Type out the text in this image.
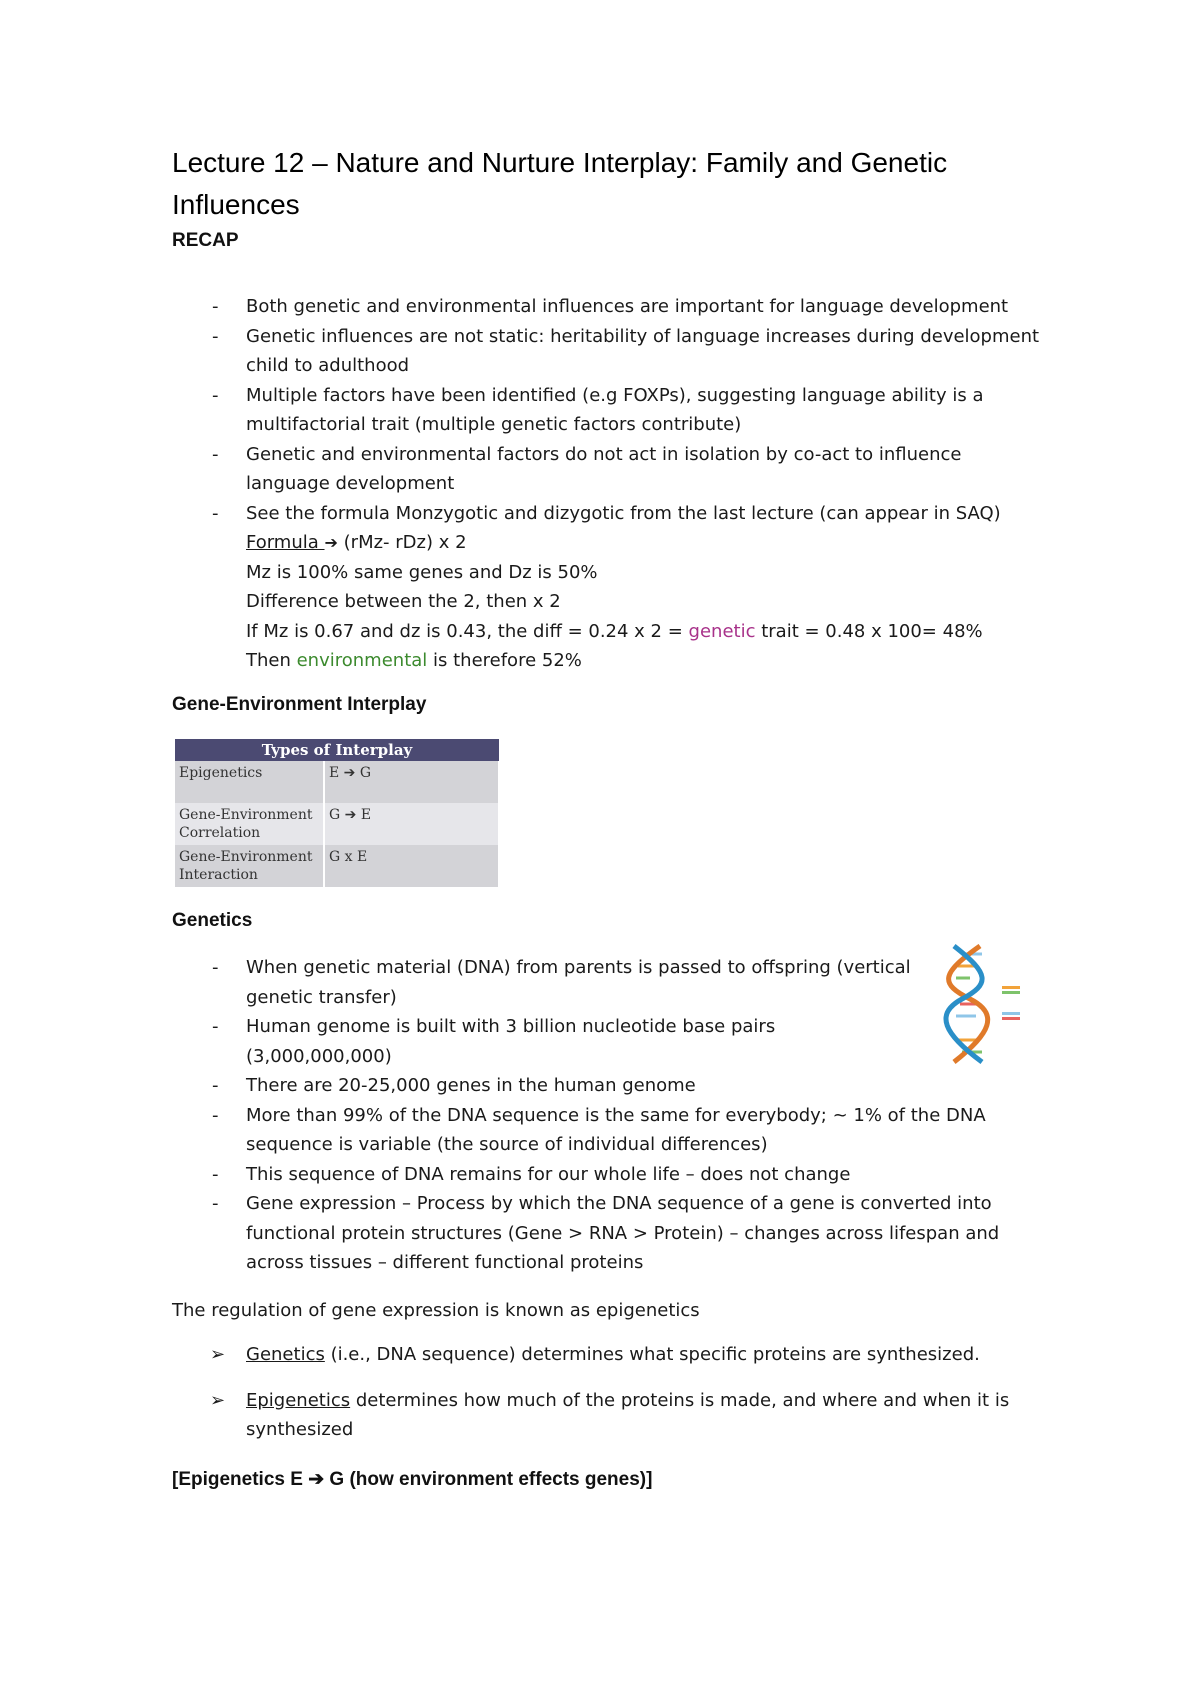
Lecture 12 – Nature and Nurture Interplay: Family and Genetic Influences
RECAP
- Both genetic and environmental influences are important for language development
- Genetic influences are not static: heritability of language increases during development
child to adulthood
- Multiple factors have been identified (e.g FOXPs), suggesting language ability is a
multifactorial trait (multiple genetic factors contribute)
- Genetic and environmental factors do not act in isolation by co-act to influence
language development
- See the formula Monzygotic and dizygotic from the last lecture (can appear in SAQ)
Formula ➔ (rMz- rDz) x 2
Mz is 100% same genes and Dz is 50%
Difference between the 2, then x 2
If Mz is 0.67 and dz is 0.43, the diff = 0.24 x 2 = genetic trait = 0.48 x 100= 48%
Then environmental is therefore 52%
Gene-Environment Interplay
Types of Interplay	
Epigenetics	E ➔ G
Gene-Environment Correlation	G ➔ E
Gene-Environment Interaction	G x E
Genetics
- When genetic material (DNA) from parents is passed to offspring (vertical
genetic transfer)
- Human genome is built with 3 billion nucleotide base pairs
(3,000,000,000)
- There are 20-25,000 genes in the human genome
- More than 99% of the DNA sequence is the same for everybody; ~ 1% of the DNA
sequence is variable (the source of individual differences)
- This sequence of DNA remains for our whole life – does not change
- Gene expression – Process by which the DNA sequence of a gene is converted into
functional protein structures (Gene > RNA > Protein) – changes across lifespan and
across tissues – different functional proteins

The regulation of gene expression is known as epigenetics

➢ Genetics (i.e., DNA sequence) determines what specific proteins are synthesized.
➢ Epigenetics determines how much of the proteins is made, and where and when it is
synthesized
[Epigenetics E ➔ G (how environment effects genes)]
